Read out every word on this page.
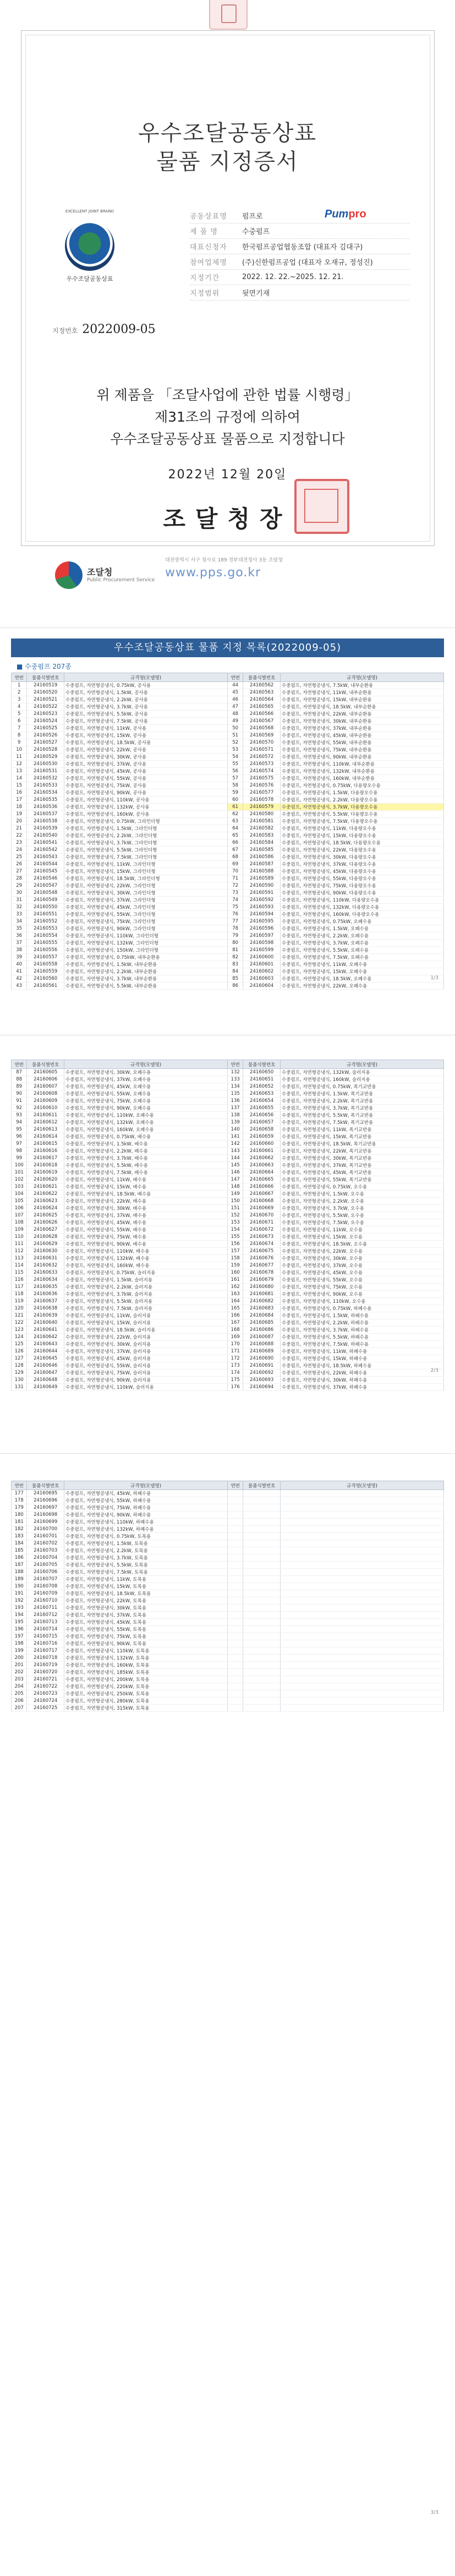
우수조달공동상표
물품 지정증서
EXCELLENT JOINT BRAND
우수조달공동상표
지정번호 2022009-05
Pumpro
공동상표명	펌프로
제 품 명	수중펌프
대표신청자	한국펌프공업협동조합 (대표자 김대구)
참여업체명	(주)신한펌프공업 (대표자 오재규, 정성진)
지정기간	2022. 12. 22.~2025. 12. 21.
지정범위	뒷면기재
위 제품을 「조달사업에 관한 법률 시행령」
제31조의 규정에 의하여
우수조달공동상표 물품으로 지정합니다
2022년 12월 20일
조달청장
조달청
Public Procurement Service
대전광역시 서구 청사로 189 정부대전청사 3동 조달청
www.pps.go.kr
우수조달공동상표 물품 지정 목록(2022009-05)
■ 수중펌프 207종
연번	물품식별번호	규격명(모델명)	연번	물품식별번호	규격명(모델명)
1	24160519	수중펌프, 자연형공냉식, 0.75kW, 공사용	44	24160562	수중펌프, 자연형공냉식, 7.5kW, 내부순환용
2	24160520	수중펌프, 자연형공냉식, 1.5kW, 공사용	45	24160563	수중펌프, 자연형공냉식, 11kW, 내부순환용
3	24160521	수중펌프, 자연형공냉식, 2.2kW, 공사용	46	24160564	수중펌프, 자연형공냉식, 15kW, 내부순환용
4	24160522	수중펌프, 자연형공냉식, 3.7kW, 공사용	47	24160565	수중펌프, 자연형공냉식, 18.5kW, 내부순환용
5	24160523	수중펌프, 자연형공냉식, 5.5kW, 공사용	48	24160566	수중펌프, 자연형공냉식, 22kW, 내부순환용
6	24160524	수중펌프, 자연형공냉식, 7.5kW, 공사용	49	24160567	수중펌프, 자연형공냉식, 30kW, 내부순환용
7	24160525	수중펌프, 자연형공냉식, 11kW, 공사용	50	24160568	수중펌프, 자연형공냉식, 37kW, 내부순환용
8	24160526	수중펌프, 자연형공냉식, 15kW, 공사용	51	24160569	수중펌프, 자연형공냉식, 45kW, 내부순환용
9	24160527	수중펌프, 자연형공냉식, 18.5kW, 공사용	52	24160570	수중펌프, 자연형공냉식, 55kW, 내부순환용
10	24160528	수중펌프, 자연형공냉식, 22kW, 공사용	53	24160571	수중펌프, 자연형공냉식, 75kW, 내부순환용
11	24160529	수중펌프, 자연형공냉식, 30kW, 공사용	54	24160572	수중펌프, 자연형공냉식, 90kW, 내부순환용
12	24160530	수중펌프, 자연형공냉식, 37kW, 공사용	55	24160573	수중펌프, 자연형공냉식, 110kW, 내부순환용
13	24160531	수중펌프, 자연형공냉식, 45kW, 공사용	56	24160574	수중펌프, 자연형공냉식, 132kW, 내부순환용
14	24160532	수중펌프, 자연형공냉식, 55kW, 공사용	57	24160575	수중펌프, 자연형공냉식, 160kW, 내부순환용
15	24160533	수중펌프, 자연형공냉식, 75kW, 공사용	58	24160576	수중펌프, 자연형공냉식, 0.75kW, 다용량오수용
16	24160534	수중펌프, 자연형공냉식, 90kW, 공사용	59	24160577	수중펌프, 자연형공냉식, 1.5kW, 다용량오수용
17	24160535	수중펌프, 자연형공냉식, 110kW, 공사용	60	24160578	수중펌프, 자연형공냉식, 2.2kW, 다용량오수용
18	24160536	수중펌프, 자연형공냉식, 132kW, 공사용	61	24160579	수중펌프, 자연형공냉식, 3.7kW, 다용량오수용
19	24160537	수중펌프, 자연형공냉식, 160kW, 공사용	62	24160580	수중펌프, 자연형공냉식, 5.5kW, 다용량오수용
20	24160538	수중펌프, 자연형공냉식, 0.75kW, 그라인더형	63	24160581	수중펌프, 자연형공냉식, 7.5kW, 다용량오수용
21	24160539	수중펌프, 자연형공냉식, 1.5kW, 그라인더형	64	24160582	수중펌프, 자연형공냉식, 11kW, 다용량오수용
22	24160540	수중펌프, 자연형공냉식, 2.2kW, 그라인더형	65	24160583	수중펌프, 자연형공냉식, 15kW, 다용량오수용
23	24160541	수중펌프, 자연형공냉식, 3.7kW, 그라인더형	66	24160584	수중펌프, 자연형공냉식, 18.5kW, 다용량오수용
24	24160542	수중펌프, 자연형공냉식, 5.5kW, 그라인더형	67	24160585	수중펌프, 자연형공냉식, 22kW, 다용량오수용
25	24160543	수중펌프, 자연형공냉식, 7.5kW, 그라인더형	68	24160586	수중펌프, 자연형공냉식, 30kW, 다용량오수용
26	24160544	수중펌프, 자연형공냉식, 11kW, 그라인더형	69	24160587	수중펌프, 자연형공냉식, 37kW, 다용량오수용
27	24160545	수중펌프, 자연형공냉식, 15kW, 그라인더형	70	24160588	수중펌프, 자연형공냉식, 45kW, 다용량오수용
28	24160546	수중펌프, 자연형공냉식, 18.5kW, 그라인더형	71	24160589	수중펌프, 자연형공냉식, 55kW, 다용량오수용
29	24160547	수중펌프, 자연형공냉식, 22kW, 그라인더형	72	24160590	수중펌프, 자연형공냉식, 75kW, 다용량오수용
30	24160548	수중펌프, 자연형공냉식, 30kW, 그라인더형	73	24160591	수중펌프, 자연형공냉식, 90kW, 다용량오수용
31	24160549	수중펌프, 자연형공냉식, 37kW, 그라인더형	74	24160592	수중펌프, 자연형공냉식, 110kW, 다용량오수용
32	24160550	수중펌프, 자연형공냉식, 45kW, 그라인더형	75	24160593	수중펌프, 자연형공냉식, 132kW, 다용량오수용
33	24160551	수중펌프, 자연형공냉식, 55kW, 그라인더형	76	24160594	수중펌프, 자연형공냉식, 160kW, 다용량오수용
34	24160552	수중펌프, 자연형공냉식, 75kW, 그라인더형	77	24160595	수중펌프, 자연형공냉식, 0.75kW, 오폐수용
35	24160553	수중펌프, 자연형공냉식, 90kW, 그라인더형	78	24160596	수중펌프, 자연형공냉식, 1.5kW, 오폐수용
36	24160554	수중펌프, 자연형공냉식, 110kW, 그라인더형	79	24160597	수중펌프, 자연형공냉식, 2.2kW, 오폐수용
37	24160555	수중펌프, 자연형공냉식, 132kW, 그라인더형	80	24160598	수중펌프, 자연형공냉식, 3.7kW, 오폐수용
38	24160556	수중펌프, 자연형공냉식, 150kW, 그라인더형	81	24160599	수중펌프, 자연형공냉식, 5.5kW, 오폐수용
39	24160557	수중펌프, 자연형공냉식, 0.75kW, 내부순환용	82	24160600	수중펌프, 자연형공냉식, 7.5kW, 오폐수용
40	24160558	수중펌프, 자연형공냉식, 1.5kW, 내부순환용	83	24160601	수중펌프, 자연형공냉식, 11kW, 오폐수용
41	24160559	수중펌프, 자연형공냉식, 2.2kW, 내부순환용	84	24160602	수중펌프, 자연형공냉식, 15kW, 오폐수용
42	24160560	수중펌프, 자연형공냉식, 3.7kW, 내부순환용	85	24160603	수중펌프, 자연형공냉식, 18.5kW, 오폐수용
43	24160561	수중펌프, 자연형공냉식, 5.5kW, 내부순환용	86	24160604	수중펌프, 자연형공냉식, 22kW, 오폐수용
1/3
연번	물품식별번호	규격명(모델명)	연번	물품식별번호	규격명(모델명)
87	24160605	수중펌프, 자연형공냉식, 30kW, 오폐수용	132	24160650	수중펌프, 자연형공냉식, 132kW, 슬러지용
88	24160606	수중펌프, 자연형공냉식, 37kW, 오폐수용	133	24160651	수중펌프, 자연형공냉식, 160kW, 슬러지용
89	24160607	수중펌프, 자연형공냉식, 45kW, 오폐수용	134	24160652	수중펌프, 자연형공냉식, 0.75kW, 폭기교반용
90	24160608	수중펌프, 자연형공냉식, 55kW, 오폐수용	135	24160653	수중펌프, 자연형공냉식, 1.5kW, 폭기교반용
91	24160609	수중펌프, 자연형공냉식, 75kW, 오폐수용	136	24160654	수중펌프, 자연형공냉식, 2.2kW, 폭기교반용
92	24160610	수중펌프, 자연형공냉식, 90kW, 오폐수용	137	24160655	수중펌프, 자연형공냉식, 3.7kW, 폭기교반용
93	24160611	수중펌프, 자연형공냉식, 110kW, 오폐수용	138	24160656	수중펌프, 자연형공냉식, 5.5kW, 폭기교반용
94	24160612	수중펌프, 자연형공냉식, 132kW, 오폐수용	139	24160657	수중펌프, 자연형공냉식, 7.5kW, 폭기교반용
95	24160613	수중펌프, 자연형공냉식, 160kW, 오폐수용	140	24160658	수중펌프, 자연형공냉식, 11kW, 폭기교반용
96	24160614	수중펌프, 자연형공냉식, 0.75kW, 배수용	141	24160659	수중펌프, 자연형공냉식, 15kW, 폭기교반용
97	24160615	수중펌프, 자연형공냉식, 1.5kW, 배수용	142	24160660	수중펌프, 자연형공냉식, 18.5kW, 폭기교반용
98	24160616	수중펌프, 자연형공냉식, 2.2kW, 배수용	143	24160661	수중펌프, 자연형공냉식, 22kW, 폭기교반용
99	24160617	수중펌프, 자연형공냉식, 3.7kW, 배수용	144	24160662	수중펌프, 자연형공냉식, 30kW, 폭기교반용
100	24160618	수중펌프, 자연형공냉식, 5.5kW, 배수용	145	24160663	수중펌프, 자연형공냉식, 37kW, 폭기교반용
101	24160619	수중펌프, 자연형공냉식, 7.5kW, 배수용	146	24160664	수중펌프, 자연형공냉식, 45kW, 폭기교반용
102	24160620	수중펌프, 자연형공냉식, 11kW, 배수용	147	24160665	수중펌프, 자연형공냉식, 55kW, 폭기교반용
103	24160621	수중펌프, 자연형공냉식, 15kW, 배수용	148	24160666	수중펌프, 자연형공냉식, 0.75kW, 오수용
104	24160622	수중펌프, 자연형공냉식, 18.5kW, 배수용	149	24160667	수중펌프, 자연형공냉식, 1.5kW, 오수용
105	24160623	수중펌프, 자연형공냉식, 22kW, 배수용	150	24160668	수중펌프, 자연형공냉식, 2.2kW, 오수용
106	24160624	수중펌프, 자연형공냉식, 30kW, 배수용	151	24160669	수중펌프, 자연형공냉식, 3.7kW, 오수용
107	24160625	수중펌프, 자연형공냉식, 37kW, 배수용	152	24160670	수중펌프, 자연형공냉식, 5.5kW, 오수용
108	24160626	수중펌프, 자연형공냉식, 45kW, 배수용	153	24160671	수중펌프, 자연형공냉식, 7.5kW, 오수용
109	24160627	수중펌프, 자연형공냉식, 55kW, 배수용	154	24160672	수중펌프, 자연형공냉식, 11kW, 오수용
110	24160628	수중펌프, 자연형공냉식, 75kW, 배수용	155	24160673	수중펌프, 자연형공냉식, 15kW, 오수용
111	24160629	수중펌프, 자연형공냉식, 90kW, 배수용	156	24160674	수중펌프, 자연형공냉식, 18.5kW, 오수용
112	24160630	수중펌프, 자연형공냉식, 110kW, 배수용	157	24160675	수중펌프, 자연형공냉식, 22kW, 오수용
113	24160631	수중펌프, 자연형공냉식, 132kW, 배수용	158	24160676	수중펌프, 자연형공냉식, 30kW, 오수용
114	24160632	수중펌프, 자연형공냉식, 160kW, 배수용	159	24160677	수중펌프, 자연형공냉식, 37kW, 오수용
115	24160633	수중펌프, 자연형공냉식, 0.75kW, 슬러지용	160	24160678	수중펌프, 자연형공냉식, 45kW, 오수용
116	24160634	수중펌프, 자연형공냉식, 1.5kW, 슬러지용	161	24160679	수중펌프, 자연형공냉식, 55kW, 오수용
117	24160635	수중펌프, 자연형공냉식, 2.2kW, 슬러지용	162	24160680	수중펌프, 자연형공냉식, 75kW, 오수용
118	24160636	수중펌프, 자연형공냉식, 3.7kW, 슬러지용	163	24160681	수중펌프, 자연형공냉식, 90kW, 오수용
119	24160637	수중펌프, 자연형공냉식, 5.5kW, 슬러지용	164	24160682	수중펌프, 자연형공냉식, 110kW, 오수용
120	24160638	수중펌프, 자연형공냉식, 7.5kW, 슬러지용	165	24160683	수중펌프, 자연형공냉식, 0.75kW, 하폐수용
121	24160639	수중펌프, 자연형공냉식, 11kW, 슬러지용	166	24160684	수중펌프, 자연형공냉식, 1.5kW, 하폐수용
122	24160640	수중펌프, 자연형공냉식, 15kW, 슬러지용	167	24160685	수중펌프, 자연형공냉식, 2.2kW, 하폐수용
123	24160641	수중펌프, 자연형공냉식, 18.5kW, 슬러지용	168	24160686	수중펌프, 자연형공냉식, 3.7kW, 하폐수용
124	24160642	수중펌프, 자연형공냉식, 22kW, 슬러지용	169	24160687	수중펌프, 자연형공냉식, 5.5kW, 하폐수용
125	24160643	수중펌프, 자연형공냉식, 30kW, 슬러지용	170	24160688	수중펌프, 자연형공냉식, 7.5kW, 하폐수용
126	24160644	수중펌프, 자연형공냉식, 37kW, 슬러지용	171	24160689	수중펌프, 자연형공냉식, 11kW, 하폐수용
127	24160645	수중펌프, 자연형공냉식, 45kW, 슬러지용	172	24160690	수중펌프, 자연형공냉식, 15kW, 하폐수용
128	24160646	수중펌프, 자연형공냉식, 55kW, 슬러지용	173	24160691	수중펌프, 자연형공냉식, 18.5kW, 하폐수용
129	24160647	수중펌프, 자연형공냉식, 75kW, 슬러지용	174	24160692	수중펌프, 자연형공냉식, 22kW, 하폐수용
130	24160648	수중펌프, 자연형공냉식, 90kW, 슬러지용	175	24160693	수중펌프, 자연형공냉식, 30kW, 하폐수용
131	24160649	수중펌프, 자연형공냉식, 110kW, 슬러지용	176	24160694	수중펌프, 자연형공냉식, 37kW, 하폐수용
2/3
연번	물품식별번호	규격명(모델명)	연번	물품식별번호	규격명(모델명)
177	24160695	수중펌프, 자연형공냉식, 45kW, 하폐수용			
178	24160696	수중펌프, 자연형공냉식, 55kW, 하폐수용			
179	24160697	수중펌프, 자연형공냉식, 75kW, 하폐수용			
180	24160698	수중펌프, 자연형공냉식, 90kW, 하폐수용			
181	24160699	수중펌프, 자연형공냉식, 110kW, 하폐수용			
182	24160700	수중펌프, 자연형공냉식, 132kW, 하폐수용			
183	24160701	수중펌프, 자연형공냉식, 0.75kW, 토목용			
184	24160702	수중펌프, 자연형공냉식, 1.5kW, 토목용			
185	24160703	수중펌프, 자연형공냉식, 2.2kW, 토목용			
186	24160704	수중펌프, 자연형공냉식, 3.7kW, 토목용			
187	24160705	수중펌프, 자연형공냉식, 5.5kW, 토목용			
188	24160706	수중펌프, 자연형공냉식, 7.5kW, 토목용			
189	24160707	수중펌프, 자연형공냉식, 11kW, 토목용			
190	24160708	수중펌프, 자연형공냉식, 15kW, 토목용			
191	24160709	수중펌프, 자연형공냉식, 18.5kW, 토목용			
192	24160710	수중펌프, 자연형공냉식, 22kW, 토목용			
193	24160711	수중펌프, 자연형공냉식, 30kW, 토목용			
194	24160712	수중펌프, 자연형공냉식, 37kW, 토목용			
195	24160713	수중펌프, 자연형공냉식, 45kW, 토목용			
196	24160714	수중펌프, 자연형공냉식, 55kW, 토목용			
197	24160715	수중펌프, 자연형공냉식, 75kW, 토목용			
198	24160716	수중펌프, 자연형공냉식, 90kW, 토목용			
199	24160717	수중펌프, 자연형공냉식, 110kW, 토목용			
200	24160718	수중펌프, 자연형공냉식, 132kW, 토목용			
201	24160719	수중펌프, 자연형공냉식, 160kW, 토목용			
202	24160720	수중펌프, 자연형공냉식, 185kW, 토목용			
203	24160721	수중펌프, 자연형공냉식, 200kW, 토목용			
204	24160722	수중펌프, 자연형공냉식, 220kW, 토목용			
205	24160723	수중펌프, 자연형공냉식, 250kW, 토목용			
206	24160724	수중펌프, 자연형공냉식, 280kW, 토목용			
207	24160725	수중펌프, 자연형공냉식, 315kW, 토목용			
3/3
